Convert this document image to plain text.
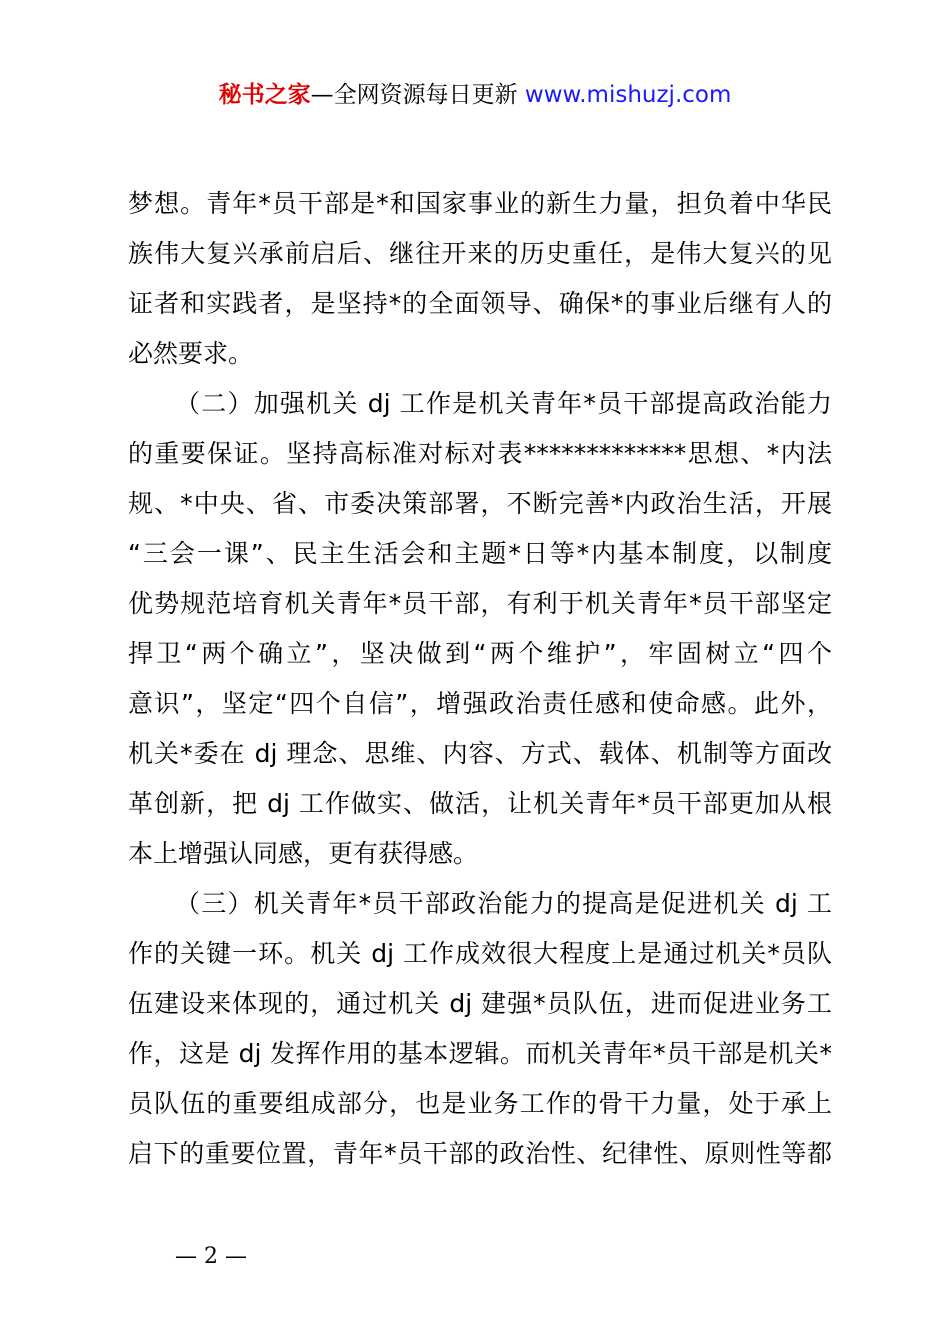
秘书之家—全网资源每日更新 www.mishuzj.com
梦想。青年*员干部是*和国家事业的新生力量，担负着中华民
族伟大复兴承前启后、继往开来的历史重任，是伟大复兴的见
证者和实践者，是坚持*的全面领导、确保*的事业后继有人的
必然要求。
（二）加强机关 dj 工作是机关青年*员干部提高政治能力
的重要保证。坚持高标准对标对表*************思想、*内法
规、*中央、省、市委决策部署，不断完善*内政治生活，开展
“三会一课”、民主生活会和主题*日等*内基本制度，以制度
优势规范培育机关青年*员干部，有利于机关青年*员干部坚定
捍卫“两个确立”，坚决做到“两个维护”，牢固树立“四个
意识”，坚定“四个自信”，增强政治责任感和使命感。此外，
机关*委在 dj 理念、思维、内容、方式、载体、机制等方面改
革创新，把 dj 工作做实、做活，让机关青年*员干部更加从根
本上增强认同感，更有获得感。
（三）机关青年*员干部政治能力的提高是促进机关 dj 工
作的关键一环。机关 dj 工作成效很大程度上是通过机关*员队
伍建设来体现的，通过机关 dj 建强*员队伍，进而促进业务工
作，这是 dj 发挥作用的基本逻辑。而机关青年*员干部是机关*
员队伍的重要组成部分，也是业务工作的骨干力量，处于承上
启下的重要位置，青年*员干部的政治性、纪律性、原则性等都
— 2 —
